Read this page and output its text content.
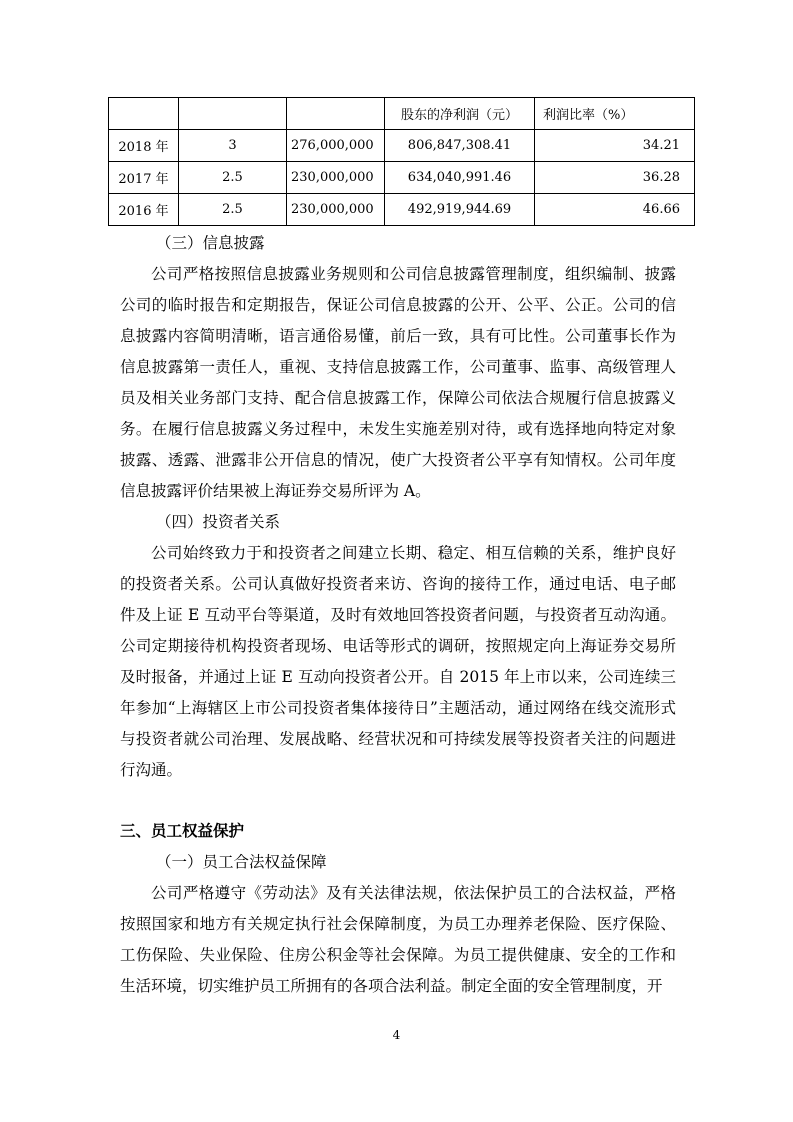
			股东的净利润（元）	利润比率（%）
2018 年	3	276,000,000	806,847,308.41	34.21
2017 年	2.5	230,000,000	634,040,991.46	36.28
2016 年	2.5	230,000,000	492,919,944.69	46.66
（三）信息披露

公司严格按照信息披露业务规则和公司信息披露管理制度，组织编制、披露公司的临时报告和定期报告，保证公司信息披露的公开、公平、公正。公司的信息披露内容简明清晰，语言通俗易懂，前后一致，具有可比性。公司董事长作为信息披露第一责任人，重视、支持信息披露工作，公司董事、监事、高级管理人员及相关业务部门支持、配合信息披露工作，保障公司依法合规履行信息披露义务。在履行信息披露义务过程中，未发生实施差别对待，或有选择地向特定对象披露、透露、泄露非公开信息的情况，使广大投资者公平享有知情权。公司年度信息披露评价结果被上海证券交易所评为 A。

（四）投资者关系

公司始终致力于和投资者之间建立长期、稳定、相互信赖的关系，维护良好的投资者关系。公司认真做好投资者来访、咨询的接待工作，通过电话、电子邮件及上证 E 互动平台等渠道，及时有效地回答投资者问题，与投资者互动沟通。公司定期接待机构投资者现场、电话等形式的调研，按照规定向上海证券交易所及时报备，并通过上证 E 互动向投资者公开。自 2015 年上市以来，公司连续三年参加“上海辖区上市公司投资者集体接待日”主题活动，通过网络在线交流形式与投资者就公司治理、发展战略、经营状况和可持续发展等投资者关注的问题进行沟通。

三、员工权益保护
（一）员工合法权益保障

公司严格遵守《劳动法》及有关法律法规，依法保护员工的合法权益，严格按照国家和地方有关规定执行社会保障制度，为员工办理养老保险、医疗保险、工伤保险、失业保险、住房公积金等社会保障。为员工提供健康、安全的工作和生活环境，切实维护员工所拥有的各项合法利益。制定全面的安全管理制度，开

4
